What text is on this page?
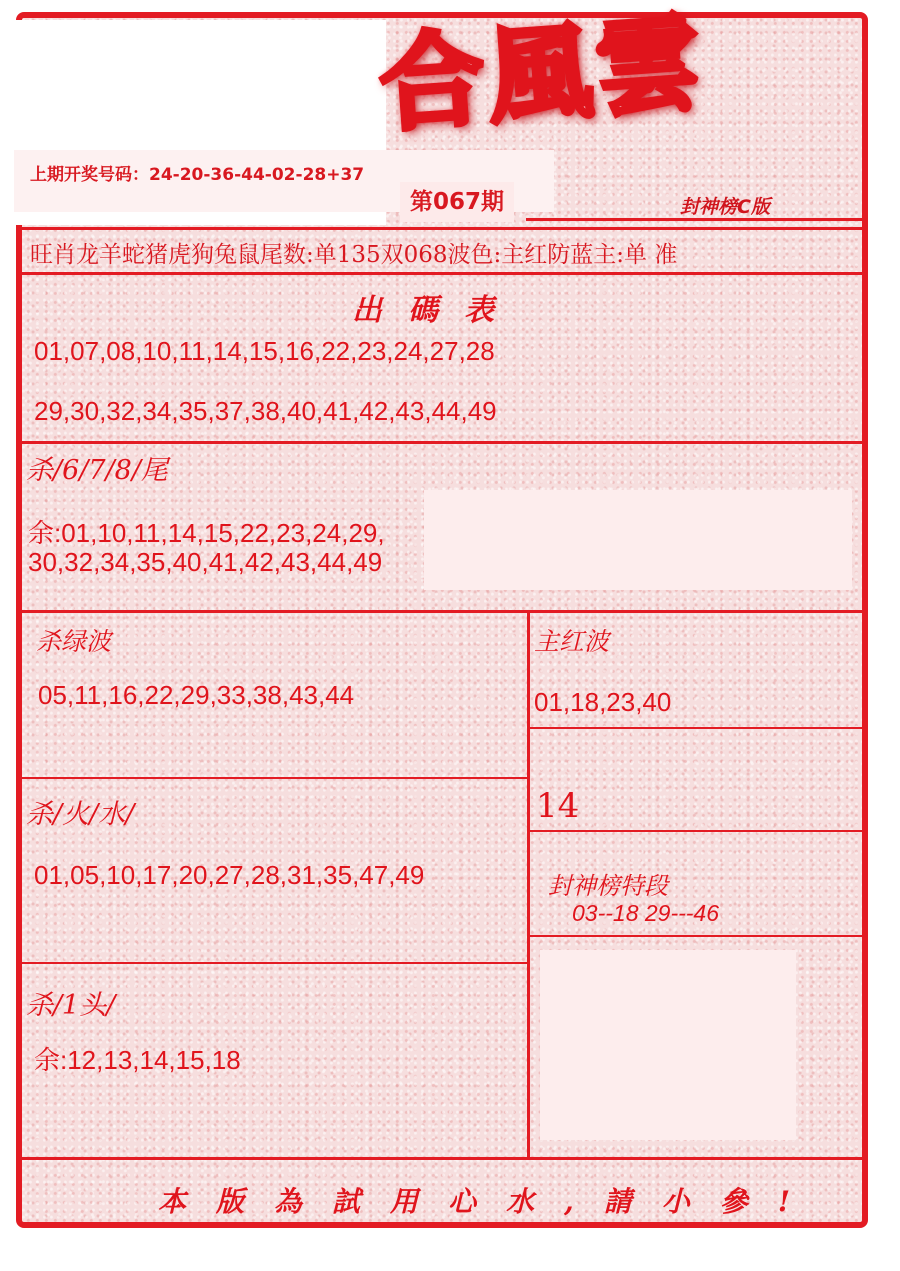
合風雲
封神榜C版
上期开奖号码：24-20-36-44-02-28+37
第067期
旺肖龙羊蛇猪虎狗兔鼠尾数:单135双068波色:主红防蓝主:单 准
出碼表
01,07,08,10,11,14,15,16,22,23,24,27,28
29,30,32,34,35,37,38,40,41,42,43,44,49
杀/6/7/8/尾
余:01,10,11,14,15,22,23,24,29,
30,32,34,35,40,41,42,43,44,49
杀绿波
05,11,16,22,29,33,38,43,44
主红波
01,18,23,40
杀/火/水/
01,05,10,17,20,27,28,31,35,47,49
14
封神榜特段
03--18 29---46
杀/1头/
余:12,13,14,15,18
本版為試用心水,請小參!
